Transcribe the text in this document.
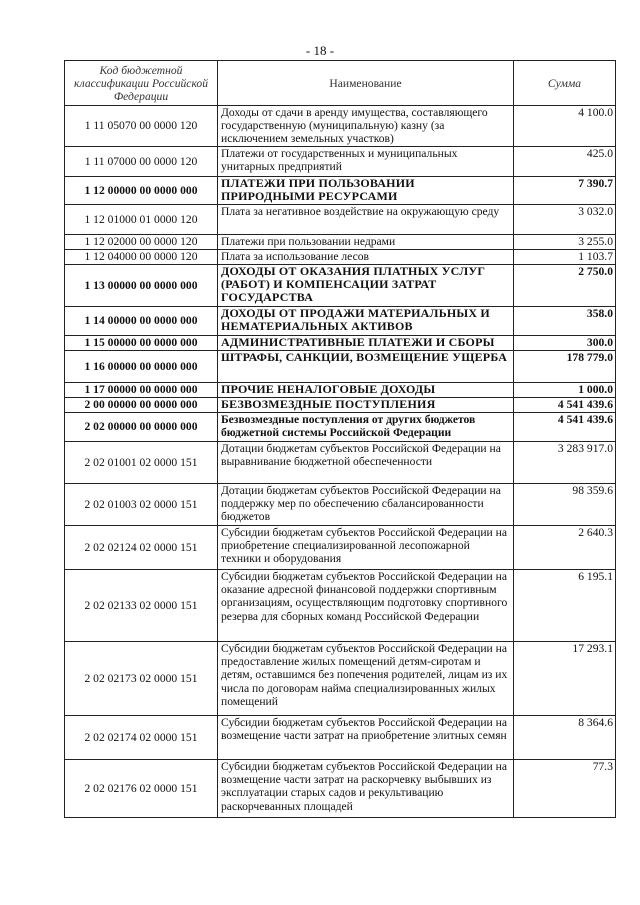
- 18 -
Код бюджетной классификации Российской Федерации	Наименование	Сумма
1 11 05070 00 0000 120	Доходы от сдачи в аренду имущества, составляющего государственную (муниципальную) казну (за исключением земельных участков)	4 100.0
1 11 07000 00 0000 120	Платежи от государственных и муниципальных унитарных предприятий	425.0
1 12 00000 00 0000 000	ПЛАТЕЖИ ПРИ ПОЛЬЗОВАНИИ ПРИРОДНЫМИ РЕСУРСАМИ	7 390.7
1 12 01000 01 0000 120	Плата за негативное воздействие на окружающую среду	3 032.0
1 12 02000 00 0000 120	Платежи при пользовании недрами	3 255.0
1 12 04000 00 0000 120	Плата за использование лесов	1 103.7
1 13 00000 00 0000 000	ДОХОДЫ ОТ ОКАЗАНИЯ ПЛАТНЫХ УСЛУГ (РАБОТ) И КОМПЕНСАЦИИ ЗАТРАТ ГОСУДАРСТВА	2 750.0
1 14 00000 00 0000 000	ДОХОДЫ ОТ ПРОДАЖИ МАТЕРИАЛЬНЫХ И НЕМАТЕРИАЛЬНЫХ АКТИВОВ	358.0
1 15 00000 00 0000 000	АДМИНИСТРАТИВНЫЕ ПЛАТЕЖИ И СБОРЫ	300.0
1 16 00000 00 0000 000	ШТРАФЫ, САНКЦИИ, ВОЗМЕЩЕНИЕ УЩЕРБА	178 779.0
1 17 00000 00 0000 000	ПРОЧИЕ НЕНАЛОГОВЫЕ ДОХОДЫ	1 000.0
2 00 00000 00 0000 000	БЕЗВОЗМЕЗДНЫЕ ПОСТУПЛЕНИЯ	4 541 439.6
2 02 00000 00 0000 000	Безвозмездные поступления от других бюджетов бюджетной системы Российской Федерации	4 541 439.6
2 02 01001 02 0000 151	Дотации бюджетам субъектов Российской Федерации на выравнивание бюджетной обеспеченности	3 283 917.0
2 02 01003 02 0000 151	Дотации бюджетам субъектов Российской Федерации на поддержку мер по обеспечению сбалансированности бюджетов	98 359.6
2 02 02124 02 0000 151	Субсидии бюджетам субъектов Российской Федерации на приобретение специализированной лесопожарной техники и оборудования	2 640.3
2 02 02133 02 0000 151	Субсидии бюджетам субъектов Российской Федерации на оказание адресной финансовой поддержки спортивным организациям, осуществляющим подготовку спортивного резерва для сборных команд Российской Федерации	6 195.1
2 02 02173 02 0000 151	Субсидии бюджетам субъектов Российской Федерации на предоставление жилых помещений детям-сиротам и детям, оставшимся без попечения родителей, лицам из их числа по договорам найма специализированных жилых помещений	17 293.1
2 02 02174 02 0000 151	Субсидии бюджетам субъектов Российской Федерации на возмещение части затрат на приобретение элитных семян	8 364.6
2 02 02176 02 0000 151	Субсидии бюджетам субъектов Российской Федерации на возмещение части затрат на раскорчевку выбывших из эксплуатации старых садов и рекультивацию раскорчеванных площадей	77.3
